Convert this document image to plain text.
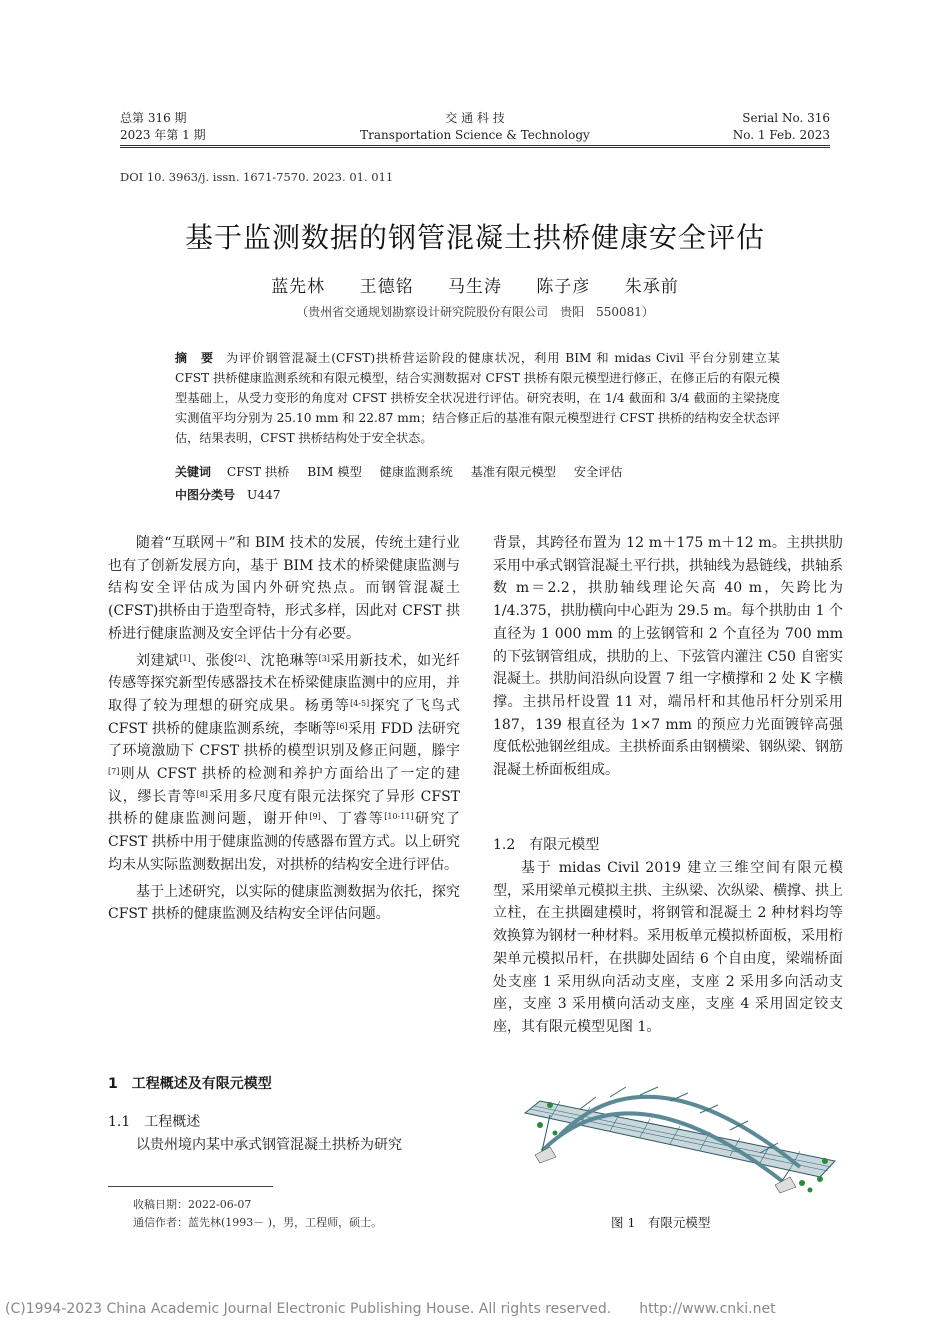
总第 316 期
2023 年第 1 期
交 通 科 技
Transportation Science & Technology
Serial No. 316
No. 1 Feb. 2023
DOI 10. 3963/j. issn. 1671-7570. 2023. 01. 011
基于监测数据的钢管混凝土拱桥健康安全评估
蓝先林 王德铭 马生涛 陈子彦 朱承前
（贵州省交通规划勘察设计研究院股份有限公司　贵阳　550081）
摘　要 为评价钢管混凝土(CFST)拱桥营运阶段的健康状况，利用 BIM 和 midas Civil 平台分别建立某 CFST 拱桥健康监测系统和有限元模型，结合实测数据对 CFST 拱桥有限元模型进行修正，在修正后的有限元模型基础上，从受力变形的角度对 CFST 拱桥安全状况进行评估。研究表明，在 1/4 截面和 3/4 截面的主梁挠度实测值平均分别为 25.10 mm 和 22.87 mm；结合修正后的基准有限元模型进行 CFST 拱桥的结构安全状态评估，结果表明，CFST 拱桥结构处于安全状态。
关键词 CFST 拱桥 BIM 模型 健康监测系统 基准有限元模型 安全评估
中图分类号 U447

随着“互联网＋”和 BIM 技术的发展，传统土建行业也有了创新发展方向，基于 BIM 技术的桥梁健康监测与结构安全评估成为国内外研究热点。而钢管混凝土(CFST)拱桥由于造型奇特，形式多样，因此对 CFST 拱桥进行健康监测及安全评估十分有必要。

刘建斌[1]、张俊[2]、沈艳琳等[3]采用新技术，如光纤传感等探究新型传感器技术在桥梁健康监测中的应用，并取得了较为理想的研究成果。杨勇等[4-5]探究了飞鸟式 CFST 拱桥的健康监测系统，李晰等[6]采用 FDD 法研究了环境激励下 CFST 拱桥的模型识别及修正问题，滕宇[7]则从 CFST 拱桥的检测和养护方面给出了一定的建议，缪长青等[8]采用多尺度有限元法探究了异形 CFST 拱桥的健康监测问题，谢开仲[9]、丁睿等[10-11]研究了 CFST 拱桥中用于健康监测的传感器布置方式。以上研究均未从实际监测数据出发，对拱桥的结构安全进行评估。

基于上述研究，以实际的健康监测数据为依托，探究 CFST 拱桥的健康监测及结构安全评估问题。

1　工程概述及有限元模型
1.1　工程概述

以贵州境内某中承式钢管混凝土拱桥为研究

收稿日期：2022-06-07
通信作者：蓝先林(1993－ )，男，工程师，硕士。

背景，其跨径布置为 12 m＋175 m＋12 m。主拱拱肋采用中承式钢管混凝土平行拱，拱轴线为悬链线，拱轴系数 m＝2.2，拱肋轴线理论矢高 40 m，矢跨比为 1/4.375，拱肋横向中心距为 29.5 m。每个拱肋由 1 个直径为 1 000 mm 的上弦钢管和 2 个直径为 700 mm 的下弦钢管组成，拱肋的上、下弦管内灌注 C50 自密实混凝土。拱肋间沿纵向设置 7 组一字横撑和 2 处 K 字横撑。主拱吊杆设置 11 对，端吊杆和其他吊杆分别采用 187，139 根直径为 1×7 mm 的预应力光面镀锌高强度低松弛钢丝组成。主拱桥面系由钢横梁、钢纵梁、钢筋混凝土桥面板组成。

1.2　有限元模型

基于 midas Civil 2019 建立三维空间有限元模型，采用梁单元模拟主拱、主纵梁、次纵梁、横撑、拱上立柱，在主拱圈建模时，将钢管和混凝土 2 种材料均等效换算为钢材一种材料。采用板单元模拟桥面板，采用桁架单元模拟吊杆，在拱脚处固结 6 个自由度，梁端桥面处支座 1 采用纵向活动支座，支座 2 采用多向活动支座，支座 3 采用横向活动支座，支座 4 采用固定铰支座，其有限元模型见图 1。

图 1　有限元模型
(C)1994-2023 China Academic Journal Electronic Publishing House. All rights reserved.　　http://www.cnki.net
